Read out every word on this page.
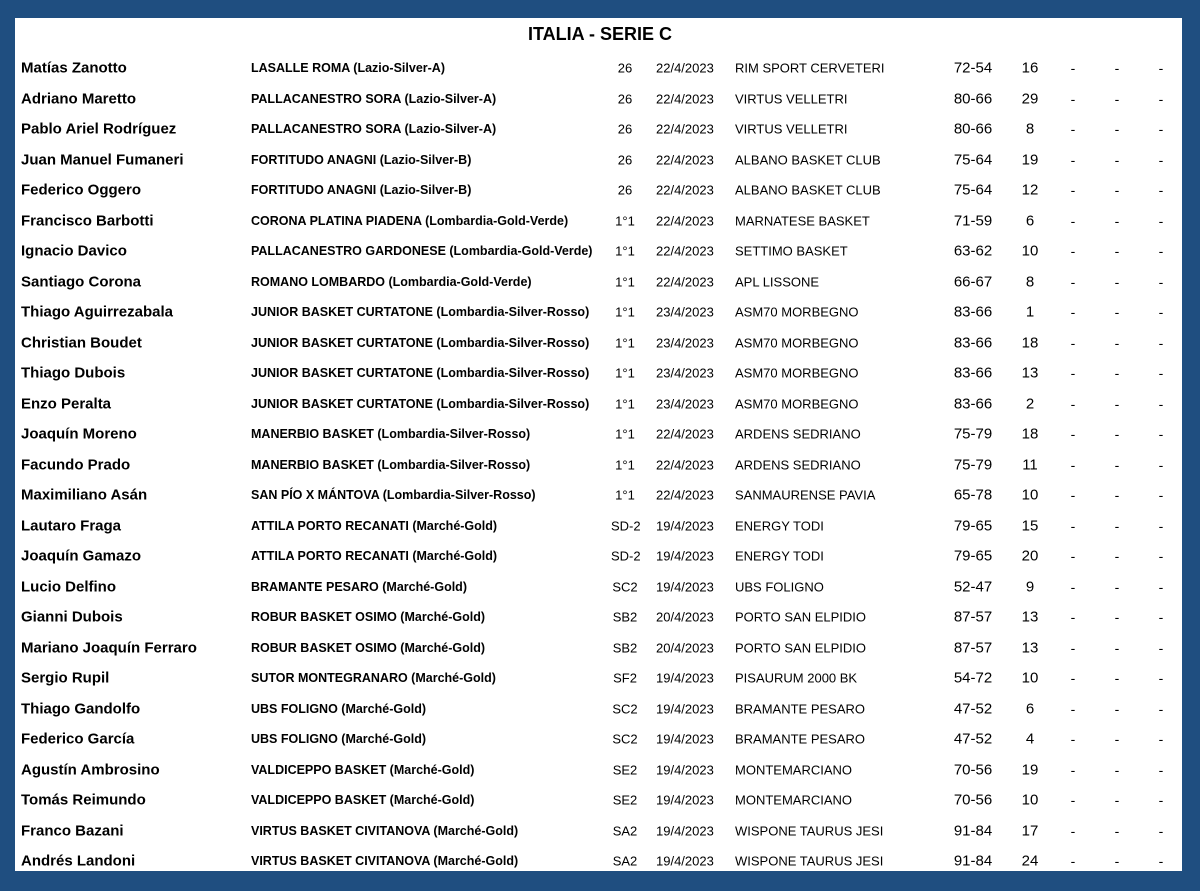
ITALIA - SERIE C
Matías Zanotto	LASALLE ROMA (Lazio-Silver-A)	26	22/4/2023 RIM SPORT CERVETERI	72-54	16	-	-	-
Adriano Maretto	PALLACANESTRO SORA (Lazio-Silver-A)	26	22/4/2023 VIRTUS VELLETRI	80-66	29	-	-	-
Pablo Ariel Rodríguez	PALLACANESTRO SORA (Lazio-Silver-A)	26	22/4/2023 VIRTUS VELLETRI	80-66	8	-	-	-
Juan Manuel Fumaneri	FORTITUDO ANAGNI (Lazio-Silver-B)	26	22/4/2023 ALBANO BASKET CLUB	75-64	19	-	-	-
Federico Oggero	FORTITUDO ANAGNI (Lazio-Silver-B)	26	22/4/2023 ALBANO BASKET CLUB	75-64	12	-	-	-
Francisco Barbotti	CORONA PLATINA PIADENA (Lombardia-Gold-Verde)	1°1	22/4/2023 MARNATESE BASKET	71-59	6	-	-	-
Ignacio Davico	PALLACANESTRO GARDONESE (Lombardia-Gold-Verde)	1°1	22/4/2023 SETTIMO BASKET	63-62	10	-	-	-
Santiago Corona	ROMANO LOMBARDO (Lombardia-Gold-Verde)	1°1	22/4/2023 APL LISSONE	66-67	8	-	-	-
Thiago Aguirrezabala	JUNIOR BASKET CURTATONE (Lombardia-Silver-Rosso)	1°1	23/4/2023 ASM70 MORBEGNO	83-66	1	-	-	-
Christian Boudet	JUNIOR BASKET CURTATONE (Lombardia-Silver-Rosso)	1°1	23/4/2023 ASM70 MORBEGNO	83-66	18	-	-	-
Thiago Dubois	JUNIOR BASKET CURTATONE (Lombardia-Silver-Rosso)	1°1	23/4/2023 ASM70 MORBEGNO	83-66	13	-	-	-
Enzo Peralta	JUNIOR BASKET CURTATONE (Lombardia-Silver-Rosso)	1°1	23/4/2023 ASM70 MORBEGNO	83-66	2	-	-	-
Joaquín Moreno	MANERBIO BASKET (Lombardia-Silver-Rosso)	1°1	22/4/2023 ARDENS SEDRIANO	75-79	18	-	-	-
Facundo Prado	MANERBIO BASKET (Lombardia-Silver-Rosso)	1°1	22/4/2023 ARDENS SEDRIANO	75-79	11	-	-	-
Maximiliano Asán	SAN PÍO X MÁNTOVA (Lombardia-Silver-Rosso)	1°1	22/4/2023 SANMAURENSE PAVIA	65-78	10	-	-	-
Lautaro Fraga	ATTILA PORTO RECANATI (Marché-Gold)	SD-2 19/4/2023 ENERGY TODI	79-65	15	-	-	-
Joaquín Gamazo	ATTILA PORTO RECANATI (Marché-Gold)	SD-2 19/4/2023 ENERGY TODI	79-65	20	-	-	-
Lucio Delfino	BRAMANTE PESARO (Marché-Gold)	SC2 19/4/2023 UBS FOLIGNO	52-47	9	-	-	-
Gianni Dubois	ROBUR BASKET OSIMO (Marché-Gold)	SB2 20/4/2023 PORTO SAN ELPIDIO	87-57	13	-	-	-
Mariano Joaquín Ferraro	ROBUR BASKET OSIMO (Marché-Gold)	SB2 20/4/2023 PORTO SAN ELPIDIO	87-57	13	-	-	-
Sergio Rupil	SUTOR MONTEGRANARO (Marché-Gold)	SF2 19/4/2023 PISAURUM 2000 BK	54-72	10	-	-	-
Thiago Gandolfo	UBS FOLIGNO (Marché-Gold)	SC2 19/4/2023 BRAMANTE PESARO	47-52	6	-	-	-
Federico García	UBS FOLIGNO (Marché-Gold)	SC2 19/4/2023 BRAMANTE PESARO	47-52	4	-	-	-
Agustín Ambrosino	VALDICEPPO BASKET (Marché-Gold)	SE2 19/4/2023 MONTEMARCIANO	70-56	19	-	-	-
Tomás Reimundo	VALDICEPPO BASKET (Marché-Gold)	SE2 19/4/2023 MONTEMARCIANO	70-56	10	-	-	-
Franco Bazani	VIRTUS BASKET CIVITANOVA (Marché-Gold)	SA2 19/4/2023 WISPONE TAURUS JESI	91-84	17	-	-	-
Andrés Landoni	VIRTUS BASKET CIVITANOVA (Marché-Gold)	SA2 19/4/2023 WISPONE TAURUS JESI	91-84	24	-	-	-
